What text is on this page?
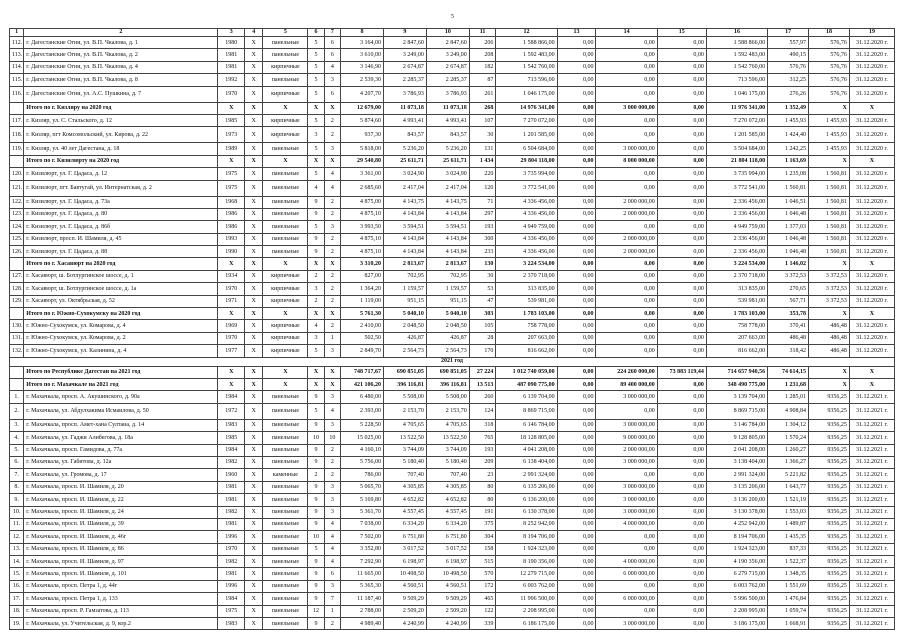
5
1	2	3	4	5	6	7	8	9	10	11	12	13	14	15	16	17	18	19
112.	г. Дагестанские Огни, ул. В.П. Чкалова, д. 1	1980	X	панельные	5	6	3 164,00	2 847,60	2 847,60	206	1 588 866,00	0,00	0,00	0,00	1 588 866,00	557,97	576,76	31.12.2020 г.
113.	г. Дагестанские Огни, ул. В.П. Чкалова, д. 2	1981	X	панельные	5	6	3 610,00	3 249,00	3 249,00	208	1 592 483,00	0,00	0,00	0,00	1 592 483,00	490,15	576,76	31.12.2020 г.
114.	г. Дагестанские Огни, ул. В.П. Чкалова, д. 4	1981	X	кирпичные	5	4	3 146,90	2 674,87	2 674,87	182	1 542 760,00	0,00	0,00	0,00	1 542 760,00	576,76	576,76	31.12.2020 г.
115.	г. Дагестанские Огни, ул. В.П. Чкалова, д. 8	1992	X	панельные	5	3	2 539,30	2 285,37	2 285,37	87	713 596,00	0,00	0,00	0,00	713 596,00	312,25	576,76	31.12.2020 г.
116.	г. Дагестанские Огни, ул. А.С. Пушкина, д. 7	1970	X	кирпичные	5	6	4 207,70	3 786,93	3 786,93	261	1 046 175,00	0,00	0,00	0,00	1 046 175,00	276,26	576,76	31.12.2020 г.
	Итого по г. Кизляру на 2020 год	X	X	X	X	X	12 679,00	11 073,18	11 073,18	268	14 976 341,00	0,00	3 000 000,00	0,00	11 976 341,00	1 352,49	X	X
117.	г. Кизляр, ул. С. Стальского, д. 12	1985	X	кирпичные	5	2	5 874,60	4 993,41	4 993,41	107	7 270 072,00	0,00	0,00	0,00	7 270 072,00	1 455,93	1 455,93	31.12.2020 г.
118.	г. Кизляр, пгт Комсомольский, ул. Кирова, д. 22	1973	X	кирпичные	3	2	937,30	843,57	843,57	30	1 201 585,00	0,00	0,00	0,00	1 201 585,00	1 424,40	1 455,93	31.12.2020 г.
119.	г. Кизляр, ул. 40 лет Дагестана, д. 18	1989	X	панельные	5	3	5 818,00	5 236,20	5 236,20	131	6 504 684,00	0,00	3 000 000,00	0,00	3 504 684,00	1 242,25	1 455,93	31.12.2020 г.
	Итого по г. Кизилюрту на 2020 год	X	X	X	X	X	29 540,80	25 611,71	25 611,71	1 434	29 804 118,00	0,00	8 000 000,00	0,00	21 804 118,00	1 163,69	X	X
120.	г. Кизилюрт, ул. Г. Цадаса, д. 12	1975	X	панельные	5	4	3 361,00	3 024,90	3 024,90	220	3 735 994,00	0,00	0,00	0,00	3 735 994,00	1 235,08	1 560,81	31.12.2020 г.
121.	г. Кизилюрт, пгт. Бавтугай, ул. Интернатская, д. 2	1975	X	панельные	4	4	2 685,60	2 417,04	2 417,04	120	3 772 541,00	0,00	0,00	0,00	3 772 541,00	1 560,81	1 560,81	31.12.2020 г.
122.	г. Кизилюрт, ул. Г. Цадаса, д. 73а	1968	X	панельные	9	2	4 875,00	4 143,75	4 143,75	71	4 336 456,00	0,00	2 000 000,00	0,00	2 336 456,00	1 046,51	1 560,81	31.12.2020 г.
123.	г. Кизилюрт, ул. Г. Цадаса, д. 80	1986	X	панельные	9	2	4 875,10	4 143,84	4 143,84	297	4 336 456,00	0,00	2 000 000,00	0,00	2 336 456,00	1 046,48	1 560,81	31.12.2020 г.
124.	г. Кизилюрт, ул. Г. Цадаса, д. 86б	1986	X	панельные	5	3	3 993,50	3 594,51	3 594,51	193	4 949 759,00	0,00	0,00	0,00	4 949 759,00	1 377,03	1 560,81	31.12.2020 г.
125.	г. Кизилюрт, просп. И. Шамиля, д. 45	1993	X	панельные	9	2	4 875,10	4 143,84	4 143,84	300	4 336 456,00	0,00	2 000 000,00	0,00	2 336 456,00	1 046,48	1 560,81	31.12.2020 г.
126.	г. Кизилюрт, ул. Г. Цадаса, д. 88	1990	X	панельные	9	2	4 875,10	4 143,84	4 143,84	233	4 336 456,00	0,00	2 000 000,00	0,00	2 336 456,00	1 046,48	1 560,81	31.12.2020 г.
	Итого по г. Хасавюрт на 2020 год	X	X	X	X	X	3 310,20	2 813,67	2 813,67	130	3 224 534,00	0,00	0,00	0,00	3 224 534,00	1 146,02	X	X
127.	г. Хасавюрт, ш. Ботлургинское шоссе, д. 1	1934	X	кирпичные	2	2	827,00	702,95	702,95	30	2 370 718,00	0,00	0,00	0,00	2 370 718,00	3 372,53	3 372,53	31.12.2020 г.
128.	г. Хасавюрт, ш. Ботлургинское шоссе, д. 1а	1970	X	кирпичные	3	2	1 364,20	1 159,57	1 159,57	53	313 835,00	0,00	0,00	0,00	313 835,00	270,65	3 372,53	31.12.2020 г.
129.	г. Хасавюрт, ул. Октябрьская, д. 52	1971	X	кирпичные	2	2	1 119,00	951,15	951,15	47	539 981,00	0,00	0,00	0,00	539 981,00	567,71	3 372,53	31.12.2020 г.
	Итого по г. Южно-Сухокумску на 2020 год	X	X	X	X	X	5 761,30	5 040,10	5 040,10	303	1 783 103,00	0,00	0,00	0,00	1 783 103,00	353,78	X	X
130.	г. Южно-Сухокумск, ул. Комарова, д. 4	1969	X	кирпичные	4	2	2 410,00	2 048,50	2 048,50	105	758 778,00	0,00	0,00	0,00	758 778,00	370,41	486,48	31.12.2020 г.
131.	г. Южно-Сухокумск, ул. Комарова, д. 2	1970	X	кирпичные	3	1	502,50	426,87	426,87	28	207 663,00	0,00	0,00	0,00	207 663,00	486,48	486,48	31.12.2020 г.
132.	г. Южно-Сухокумск, ул. Калинина, д. 4	1977	X	кирпичные	5	3	2 849,70	2 564,73	2 564,73	170	816 662,00	0,00	0,00	0,00	816 662,00	318,42	486,48	31.12.2020 г.
2021 год																		
	Итого по Республике Дагестан на 2021 год	X	X	X	X	X	748 717,67	690 851,05	690 851,05	27 224	1 012 740 059,00	0,00	224 260 000,00	73 883 119,44	714 657 940,56	74 614,15	X	X
	Итого по г. Махачкале на 2021 год	X	X	X	X	X	421 106,20	396 116,81	396 116,81	13 513	487 090 775,00	0,00	89 400 000,00	0,00	348 490 775,00	1 231,68	X	X
1.	г. Махачкала, просп. А. Акушинского, д. 90а	1984	X	панельные	9	3	6 480,00	5 508,00	5 508,00	260	6 139 704,00	0,00	3 000 000,00	0,00	3 139 704,00	1 285,01	9356,25	31.12.2021 г.
2.	г. Махачкала, ул. Абдулхакима Исмаилова, д. 50	1972	X	панельные	5	4	2 393,00	2 153,70	2 153,70	124	8 869 715,00	0,00	0,00	0,00	8 869 715,00	4 908,84	9356,25	31.12.2021 г.
3.	г. Махачкала, просп. Амет-хана Султана, д. 14	1983	X	панельные	9	3	5 228,50	4 705,65	4 705,65	318	6 146 784,00	0,00	3 000 000,00	0,00	3 146 784,00	1 304,12	9356,25	31.12.2021 г.
4.	г. Махачкала, ул. Гаджи Алибегова, д. 18а	1985	X	панельные	10	10	15 025,00	13 522,50	13 522,50	765	18 128 805,00	0,00	9 000 000,00	0,00	9 128 805,00	1 570,24	9356,25	31.12.2021 г.
5.	г. Махачкала, просп. Гамидова, д. 77а	1984	X	панельные	9	2	4 160,10	3 744,09	3 744,09	193	4 041 208,00	0,00	2 000 000,00	0,00	2 041 208,00	1 260,27	9356,25	31.12.2021 г.
6.	г. Махачкала, ул. Габитова, д. 12а	1982	X	панельные	9	2	5 756,00	5 180,40	5 180,40	209	6 138 404,00	0,00	3 000 000,00	0,00	3 138 404,00	1 366,27	9356,25	31.12.2021 г.
7.	г. Махачкала, ул. Громова, д. 17	1960	X	каменные	2	2	786,00	707,40	707,40	23	2 991 324,00	0,00	0,00	0,00	2 991 324,00	5 221,82	9356,25	31.12.2021 г.
8.	г. Махачкала, просп. И. Шамиля, д. 20	1981	X	панельные	9	3	5 065,70	4 305,85	4 305,85	80	6 135 206,00	0,00	3 000 000,00	0,00	3 135 206,00	1 643,77	9356,25	31.12.2021 г.
9.	г. Махачкала, просп. И. Шамиля, д. 22	1981	X	панельные	9	3	5 169,80	4 652,82	4 652,82	80	6 136 200,00	0,00	3 000 000,00	0,00	3 136 200,00	1 521,19	9356,25	31.12.2021 г.
10.	г. Махачкала, просп. И. Шамиля, д. 24	1982	X	панельные	9	3	5 361,70	4 557,45	4 557,45	191	6 130 378,00	0,00	3 000 000,00	0,00	3 130 378,00	1 553,03	9356,25	31.12.2021 г.
11.	г. Махачкала, просп. И. Шамиля, д. 39	1981	X	панельные	9	4	7 038,00	6 334,20	6 334,20	375	8 252 942,00	0,00	4 000 000,00	0,00	4 252 942,00	1 489,87	9356,25	31.12.2021 г.
12.	г. Махачкала, просп. И. Шамиля, д. 46г	1996	X	панельные	10	4	7 502,00	6 751,80	6 751,80	304	8 194 706,00	0,00	0,00	0,00	8 194 706,00	1 435,35	9356,25	31.12.2021 г.
13.	г. Махачкала, просп. И. Шамиля, д. 86	1970	X	панельные	5	4	3 352,80	3 017,52	3 017,52	158	1 924 323,00	0,00	0,00	0,00	1 924 323,00	837,33	9356,25	31.12.2021 г.
14.	г. Махачкала, просп. И. Шамиля, д. 97	1982	X	панельные	9	4	7 292,90	6 198,97	6 198,97	515	8 190 356,00	0,00	4 000 000,00	0,00	4 190 356,00	1 522,37	9356,25	31.12.2021 г.
15.	г. Махачкала, просп. И. Шамиля, д. 101	1981	X	панельные	9	6	11 665,00	10 498,50	10 498,50	570	12 279 715,00	0,00	6 000 000,00	0,00	6 279 715,00	1 348,35	9356,25	31.12.2021 г.
16.	г. Махачкала, просп. Петра 1, д. 44г	1996	X	панельные	9	3	5 365,30	4 560,51	4 560,51	172	6 003 762,00	0,00	0,00	0,00	6 003 762,00	1 551,69	9356,25	31.12.2021 г.
17.	г. Махачкала, просп. Петра 1, д. 133	1984	X	панельные	9	7	11 187,40	9 509,29	9 509,29	465	11 996 500,00	0,00	6 000 000,00	0,00	5 996 500,00	1 476,84	9356,25	31.12.2021 г.
18.	г. Махачкала, просп. Р. Гамзатова, д. 113	1975	X	панельные	12	1	2 788,00	2 509,20	2 509,20	122	2 208 995,00	0,00	0,00	0,00	2 208 995,00	1 059,74	9356,25	31.12.2021 г.
19.	г. Махачкала, ул. Учительская, д. 9, кор.2	1983	X	панельные	9	2	4 989,40	4 240,99	4 240,99	339	6 186 175,00	0,00	3 000 000,00	0,00	3 186 175,00	1 668,91	9356,25	31.12.2021 г.
